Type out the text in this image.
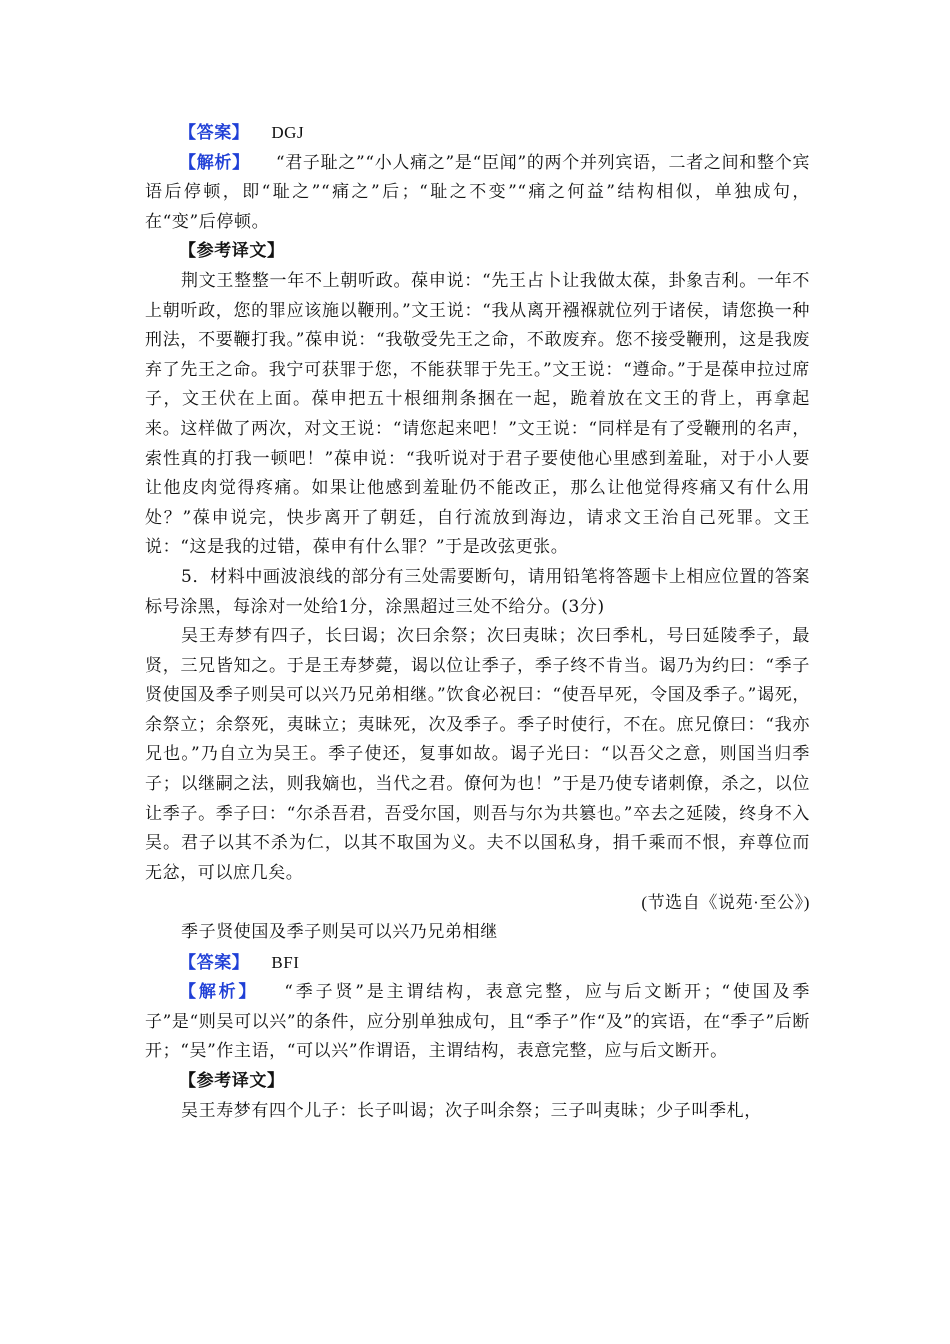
【答案】 DGJ

【解析】 “君子耻之”“小人痛之”是“臣闻”的两个并列宾语，二者之间和整个宾语后停顿，即“耻之”“痛之”后；“耻之不变”“痛之何益”结构相似，单独成句，在“变”后停顿。

【参考译文】

荆文王整整一年不上朝听政。葆申说：“先王占卜让我做太葆，卦象吉利。一年不上朝听政，您的罪应该施以鞭刑。”文王说：“我从离开襁褓就位列于诸侯，请您换一种刑法，不要鞭打我。”葆申说：“我敬受先王之命，不敢废弃。您不接受鞭刑，这是我废弃了先王之命。我宁可获罪于您，不能获罪于先王。”文王说：“遵命。”于是葆申拉过席子，文王伏在上面。葆申把五十根细荆条捆在一起，跪着放在文王的背上，再拿起来。这样做了两次，对文王说：“请您起来吧！”文王说：“同样是有了受鞭刑的名声，索性真的打我一顿吧！”葆申说：“我听说对于君子要使他心里感到羞耻，对于小人要让他皮肉觉得疼痛。如果让他感到羞耻仍不能改正，那么让他觉得疼痛又有什么用处？”葆申说完，快步离开了朝廷，自行流放到海边，请求文王治自己死罪。文王说：“这是我的过错，葆申有什么罪？”于是改弦更张。

5．材料中画波浪线的部分有三处需要断句，请用铅笔将答题卡上相应位置的答案标号涂黑，每涂对一处给1分，涂黑超过三处不给分。(3分)

吴王寿梦有四子，长曰谒；次曰余祭；次曰夷昧；次曰季札，号曰延陵季子，最贤，三兄皆知之。于是王寿梦薨，谒以位让季子，季子终不肯当。谒乃为约曰：“季子贤使国及季子则吴可以兴乃兄弟相继。”饮食必祝曰：“使吾早死，令国及季子。”谒死，余祭立；余祭死，夷昧立；夷昧死，次及季子。季子时使行，不在。庶兄僚曰：“我亦兄也。”乃自立为吴王。季子使还，复事如故。谒子光曰：“以吾父之意，则国当归季子；以继嗣之法，则我嫡也，当代之君。僚何为也！”于是乃使专诸刺僚，杀之，以位让季子。季子曰：“尔杀吾君，吾受尔国，则吾与尔为共篡也。”卒去之延陵，终身不入吴。君子以其不杀为仁，以其不取国为义。夫不以国私身，捐千乘而不恨，弃尊位而无忿，可以庶几矣。

(节选自《说苑·至公》)

季子贤使国及季子则吴可以兴乃兄弟相继

【答案】 BFI

【解析】 “季子贤”是主谓结构，表意完整，应与后文断开；“使国及季子”是“则吴可以兴”的条件，应分别单独成句，且“季子”作“及”的宾语，在“季子”后断开；“吴”作主语，“可以兴”作谓语，主谓结构，表意完整，应与后文断开。

【参考译文】

吴王寿梦有四个儿子：长子叫谒；次子叫余祭；三子叫夷昧；少子叫季札，
